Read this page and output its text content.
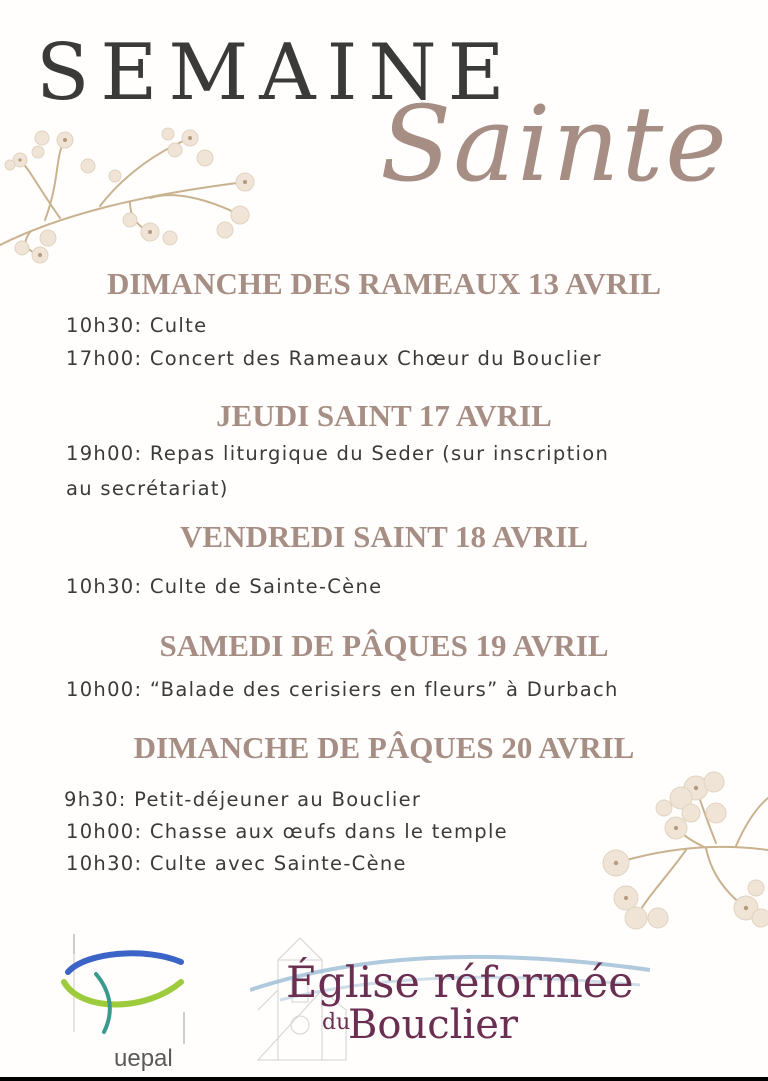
SEMAINE
Sainte
DIMANCHE DES RAMEAUX 13 AVRIL
10h30: Culte
17h00: Concert des Rameaux Chœur du Bouclier
JEUDI SAINT 17 AVRIL
19h00: Repas liturgique du Seder (sur inscription
au secrétariat)
VENDREDI SAINT 18 AVRIL
10h30: Culte de Sainte-Cène
SAMEDI DE PÂQUES 19 AVRIL
10h00: “Balade des cerisiers en fleurs” à Durbach
DIMANCHE DE PÂQUES 20 AVRIL
9h30: Petit-déjeuner au Bouclier
10h00: Chasse aux œufs dans le temple
10h30: Culte avec Sainte-Cène
uepal
Église réformée
du
Bouclier
